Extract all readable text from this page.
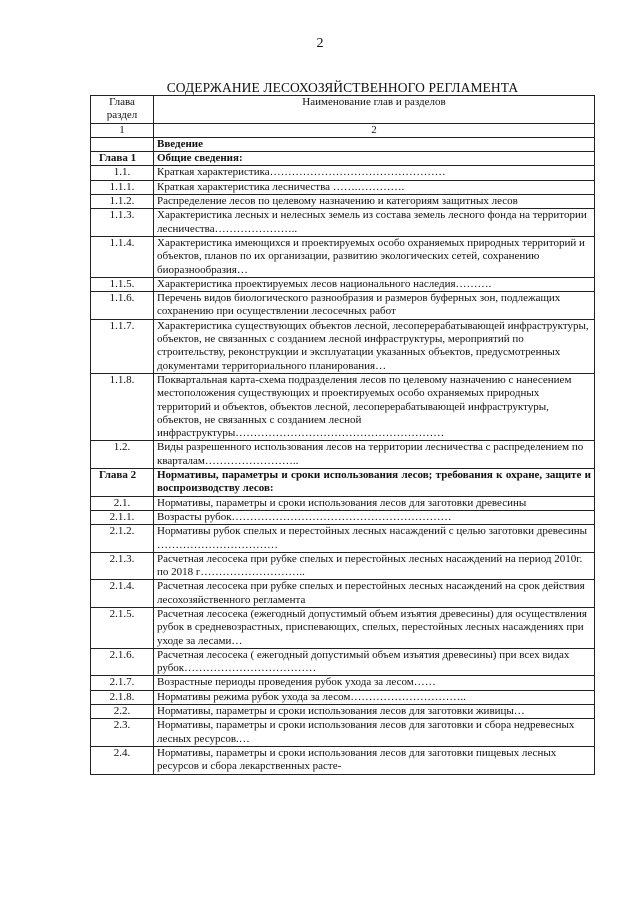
2
СОДЕРЖАНИЕ ЛЕСОХОЗЯЙСТВЕННОГО РЕГЛАМЕНТА
Глава раздел	Наименование глав и разделов
1	2
	Введение
Глава 1	Общие сведения:
1.1.	Краткая характеристика…………………………………………
1.1.1.	Краткая характеристика лесничества …….………….
1.1.2.	Распределение лесов по целевому назначению и категориям защитных лесов
1.1.3.	Характеристика лесных и нелесных земель из состава земель лесного фонда на территории лесничества…………………..
1.1.4.	Характеристика имеющихся и проектируемых особо охраняемых природных территорий и объектов, планов по их организации, развитию экологических сетей, сохранению биоразнообразия…
1.1.5.	Характеристика проектируемых лесов национального наследия……….
1.1.6.	Перечень видов биологического разнообразия и размеров буферных зон, подлежащих сохранению при осуществлении лесосечных работ
1.1.7.	Характеристика существующих объектов лесной, лесоперерабатывающей инфраструктуры, объектов, не связанных с созданием лесной инфраструктуры, мероприятий по строительству, реконструкции и эксплуатации указанных объектов, предусмотренных документами территориального планирования…
1.1.8.	Поквартальная карта-схема подразделения лесов по целевому назначению с нанесением местоположения существующих и проектируемых особо охраняемых природных территорий и объектов, объектов лесной, лесоперерабатывающей инфраструктуры, объектов, не связанных с созданием лесной инфраструктуры…………………………………………………
1.2.	Виды разрешенного использования лесов на территории лесничества с распределением по кварталам……………………..
Глава 2	Нормативы, параметры и сроки использования лесов; требования к охране, защите и воспроизводству лесов:
2.1.	Нормативы, параметры и сроки использования лесов для заготовки древесины
2.1.1.	Возрасты рубок……………………………………………………
2.1.2.	Нормативы рубок спелых и перестойных лесных насаждений с целью заготовки древесины ……………………………
2.1.3.	Расчетная лесосека при рубке спелых и перестойных лесных насаждений на период 2010г. по 2018 г………………………..
2.1.4.	Расчетная лесосека при рубке спелых и перестойных лесных насаждений на срок действия лесохозяйственного регламента
2.1.5.	Расчетная лесосека (ежегодный допустимый объем изъятия древесины) для осуществления рубок в средневозрастных, приспевающих, спелых, перестойных лесных насаждениях при уходе за лесами…
2.1.6.	Расчетная лесосека ( ежегодный допустимый объем изъятия древесины) при всех видах рубок………………………………
2.1.7.	Возрастные периоды проведения рубок ухода за лесом……
2.1.8.	Нормативы режима рубок ухода за лесом…………………………..
2.2.	Нормативы, параметры и сроки использования лесов для заготовки живицы…
2.3.	Нормативы, параметры и сроки использования лесов для заготовки и сбора недревесных лесных ресурсов.…
2.4.	Нормативы, параметры и сроки использования лесов для заготовки пищевых лесных ресурсов и сбора лекарственных расте-
